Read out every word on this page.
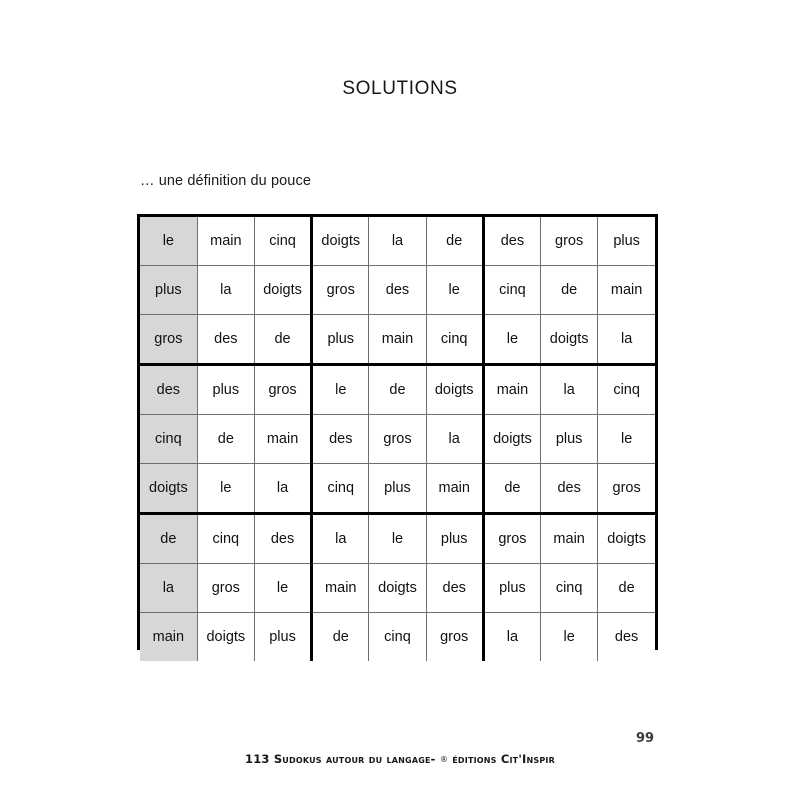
SOLUTIONS
… une définition du pouce
le	main	cinq	doigts	la	de	des	gros	plus
plus	la	doigts	gros	des	le	cinq	de	main
gros	des	de	plus	main	cinq	le	doigts	la
des	plus	gros	le	de	doigts	main	la	cinq
cinq	de	main	des	gros	la	doigts	plus	le
doigts	le	la	cinq	plus	main	de	des	gros
de	cinq	des	la	le	plus	gros	main	doigts
la	gros	le	main	doigts	des	plus	cinq	de
main	doigts	plus	de	cinq	gros	la	le	des
113 Sudokus autour du langage- ® éditions Cit'Inspir
99
